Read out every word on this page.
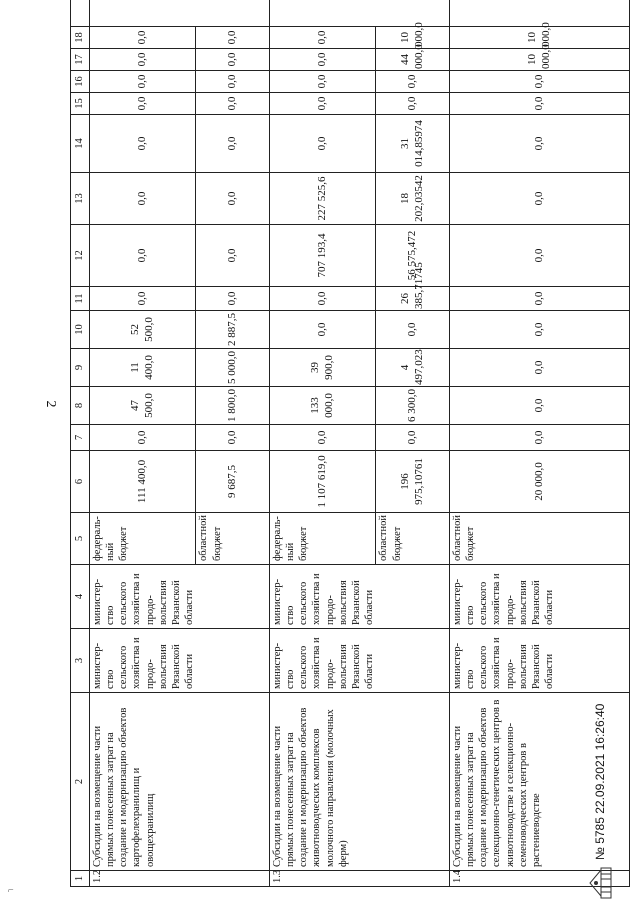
2
1	2	3	4	5	6	7	8	9	10	11	12	13	14	15	16	17	18	
1.2	Субсидии на возмещение части прямых понесенных затрат на создание и модернизацию объектов картофелехранилищ и овощехранилищ	министер-ство сельского хозяйства и продо-вольствия Рязанской области	министер-ство сельского хозяйства и продо-вольствия Рязанской области	федераль-ный бюджет	111 400,0	0,0	47 500,0	11 400,0	52 500,0	0,0	0,0	0,0	0,0	0,0	0,0	0,0	0,0	
				областной бюджет	9 687,5	0,0	1 800,0	5 000,0	2 887,5	0,0	0,0	0,0	0,0	0,0	0,0	0,0	0,0	
1.3	Субсидии на возмещение части прямых понесенных затрат на создание и модернизацию объектов животноводческих комплексов молочного направления (молочных ферм)	министер-ство сельского хозяйства и продо-вольствия Рязанской области	министер-ство сельского хозяйства и продо-вольствия Рязанской области	федераль-ный бюджет	1 107 619,0	0,0	133 000,0	39 900,0	0,0	0,0	707 193,4	227 525,6	0,0	0,0	0,0	0,0	0,0	
				областной бюджет	196 975,10761	0,0	6 300,0	4 497,023	0,0	26 385,71745	56 575,472	18 202,03542	31 014,85974	0,0	0,0	44 000,0	10 000,0	
1.4	Субсидии на возмещение части прямых понесенных затрат на создание и модернизацию объектов селекционно-генетических центров в животноводстве и селекционно-семеноводческих центров в растениеводстве	министер-ство сельского хозяйства и продо-вольствия Рязанской области	министер-ство сельского хозяйства и продо-вольствия Рязанской области	областной бюджет	20 000,0	0,0	0,0	0,0	0,0	0,0	0,0	0,0	0,0	0,0	0,0	10 000,0	10 000,0	
⌐
№ 5785 22.09.2021 16:26:40
